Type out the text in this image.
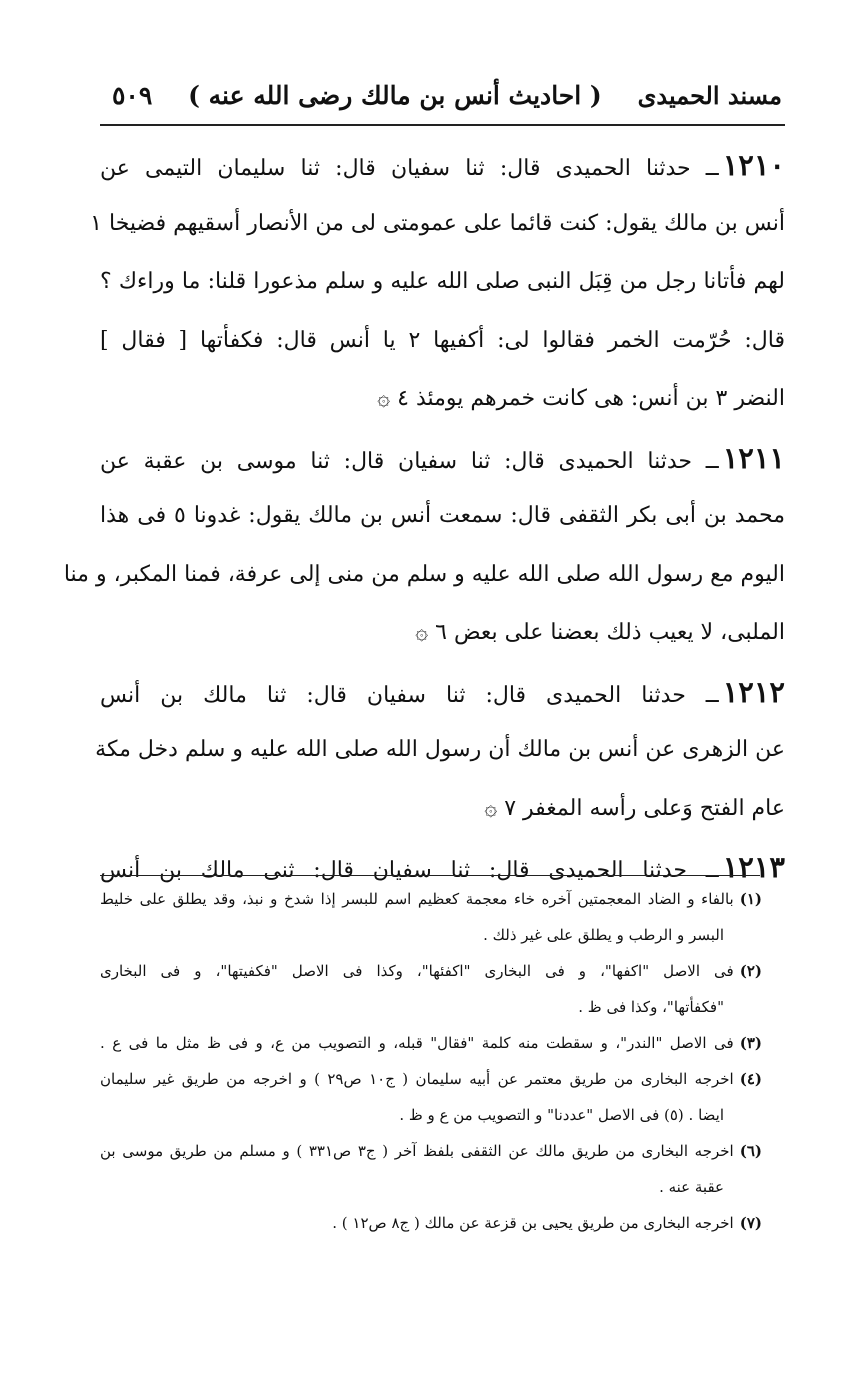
مسند الحميدى
( احاديث أنس بن مالك رضى الله عنه )
٥٠٩
١٢١٠ــ حدثنا الحميدى قال: ثنا سفيان قال: ثنا سليمان التيمى عن
أنس بن مالك يقول: كنت قائما على عمومتى لى من الأنصار أسقيهم فضيخا ١
لهم فأتانا رجل من قِبَل النبى صلى الله عليه و سلم مذعورا قلنا: ما وراءك ؟
قال: حُرّمت الخمر فقالوا لى: أكفيها ٢ يا أنس قال: فكفأتها [ فقال ]
النضر ٣ بن أنس: هى كانت خمرهم يومئذ ٤ ۞
١٢١١ــ حدثنا الحميدى قال: ثنا سفيان قال: ثنا موسى بن عقبة عن
محمد بن أبى بكر الثقفى قال: سمعت أنس بن مالك يقول: غدونا ٥ فى هذا
اليوم مع رسول الله صلى الله عليه و سلم من منى إلى عرفة، فمنا المكبر، و منا
الملبى، لا يعيب ذلك بعضنا على بعض ٦ ۞
١٢١٢ــ حدثنا الحميدى قال: ثنا سفيان قال: ثنا مالك بن أنس
عن الزهرى عن أنس بن مالك أن رسول الله صلى الله عليه و سلم دخل مكة
عام الفتح وَعلى رأسه المغفر ٧ ۞
١٢١٣ــ حدثنا الحميدى قال: ثنا سفيان قال: ثنى مالك بن أنس
(١)بالفاء و الضاد المعجمتين آخره خاء معجمة كعظيم اسم للبسر إذا شدخ و نبذ، وقد يطلق على خليط
البسر و الرطب و يطلق على غير ذلك .
(٢)فى الاصل "اكفها"، و فى البخارى "اكفئها"، وكذا فى الاصل "فكفيتها"، و فى البخارى
"فكفأتها"، وكذا فى ظ .
(٣)فى الاصل "الندر"، و سقطت منه كلمة "فقال" قبله، و التصويب من ع، و فى ظ مثل ما فى ع .
(٤)اخرجه البخارى من طريق معتمر عن أبيه سليمان ( ج١٠ ص٢٩ ) و اخرجه من طريق غير سليمان
ايضا . (٥) فى الاصل "عددنا" و التصويب من ع و ظ .
(٦)اخرجه البخارى من طريق مالك عن الثقفى بلفظ آخر ( ج٣ ص٣٣١ ) و مسلم من طريق موسى بن
عقبة عنه .
(٧)اخرجه البخارى من طريق يحيى بن قزعة عن مالك ( ج٨ ص١٢ ) .
